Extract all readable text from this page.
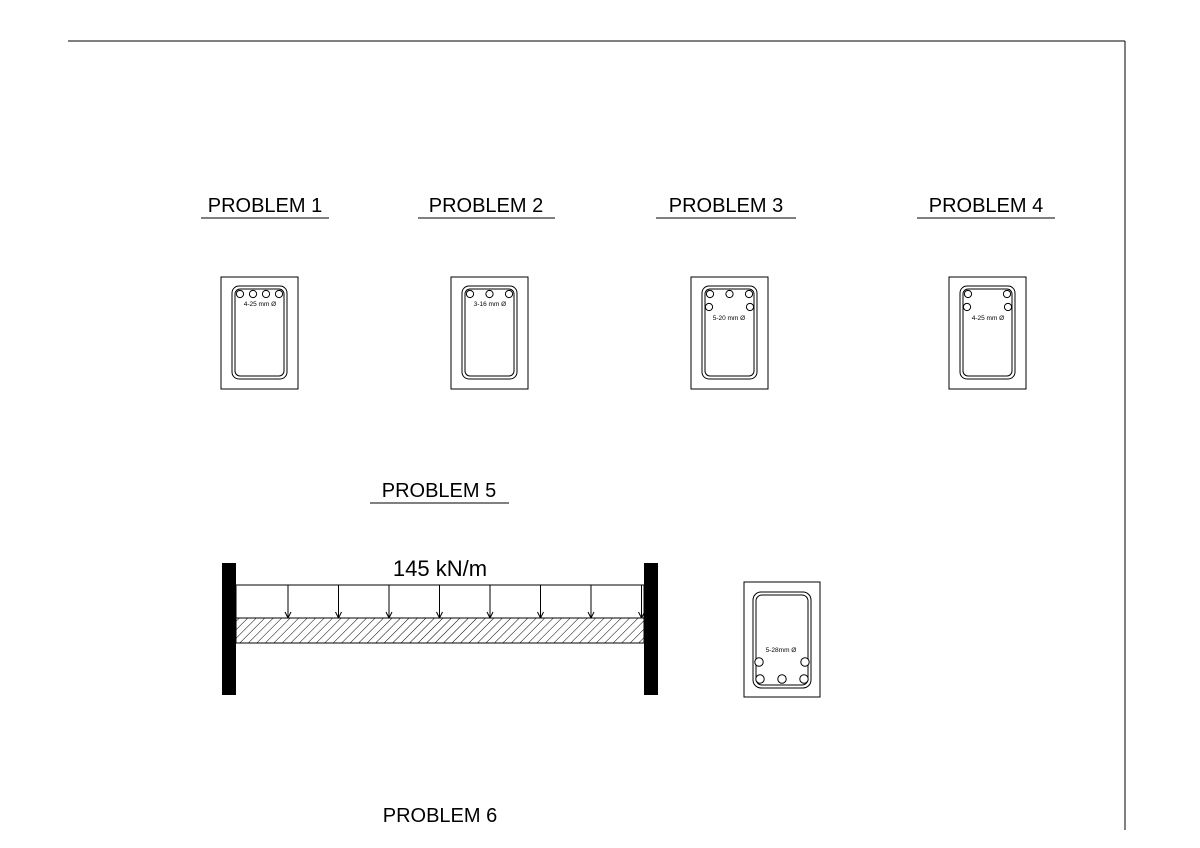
PROBLEM 1	PROBLEM 2	PROBLEM 3	PROBLEM 4
4-25 mm Ø	3-16 mm Ø
5-20 mm Ø	4-25 mm Ø
PROBLEM 5
145 kN/m
5-28mm Ø
PROBLEM 6
